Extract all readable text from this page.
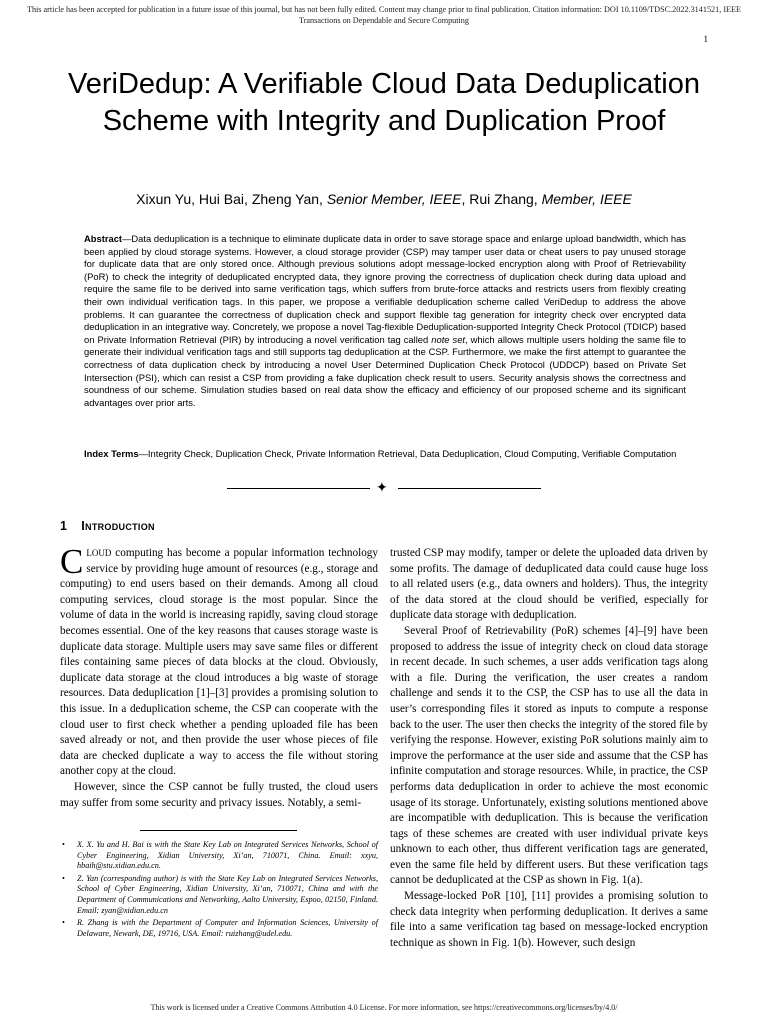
This article has been accepted for publication in a future issue of this journal, but has not been fully edited. Content may change prior to final publication. Citation information: DOI 10.1109/TDSC.2022.3141521, IEEE
Transactions on Dependable and Secure Computing
1
VeriDedup: A Verifiable Cloud Data Deduplication Scheme with Integrity and Duplication Proof
Xixun Yu, Hui Bai, Zheng Yan, Senior Member, IEEE, Rui Zhang, Member, IEEE
Abstract—Data deduplication is a technique to eliminate duplicate data in order to save storage space and enlarge upload bandwidth, which has been applied by cloud storage systems. However, a cloud storage provider (CSP) may tamper user data or cheat users to pay unused storage for duplicate data that are only stored once. Although previous solutions adopt message-locked encryption along with Proof of Retrievability (PoR) to check the integrity of deduplicated encrypted data, they ignore proving the correctness of duplication check during data upload and require the same file to be derived into same verification tags, which suffers from brute-force attacks and restricts users from flexibly creating their own individual verification tags. In this paper, we propose a verifiable deduplication scheme called VeriDedup to address the above problems. It can guarantee the correctness of duplication check and support flexible tag generation for integrity check over encrypted data deduplication in an integrative way. Concretely, we propose a novel Tag-flexible Deduplication-supported Integrity Check Protocol (TDICP) based on Private Information Retrieval (PIR) by introducing a novel verification tag called note set, which allows multiple users holding the same file to generate their individual verification tags and still supports tag deduplication at the CSP. Furthermore, we make the first attempt to guarantee the correctness of data duplication check by introducing a novel User Determined Duplication Check Protocol (UDDCP) based on Private Set Intersection (PSI), which can resist a CSP from providing a fake duplication check result to users. Security analysis shows the correctness and soundness of our scheme. Simulation studies based on real data show the efficacy and efficiency of our proposed scheme and its significant advantages over prior arts.
Index Terms—Integrity Check, Duplication Check, Private Information Retrieval, Data Deduplication, Cloud Computing, Verifiable Computation
✦
1 Introduction

CLOUD computing has become a popular information technology service by providing huge amount of resources (e.g., storage and computing) to end users based on their demands. Among all cloud computing services, cloud storage is the most popular. Since the volume of data in the world is increasing rapidly, saving cloud storage becomes essential. One of the key reasons that causes storage waste is duplicate data storage. Multiple users may save same files or different files containing same pieces of data blocks at the cloud. Obviously, duplicate data storage at the cloud introduces a big waste of storage resources. Data deduplication [1]–[3] provides a promising solution to this issue. In a deduplication scheme, the CSP can cooperate with the cloud user to first check whether a pending uploaded file has been saved already or not, and then provide the user whose pieces of file data are checked duplicate a way to access the file without storing another copy at the cloud.

However, since the CSP cannot be fully trusted, the cloud users may suffer from some security and privacy issues. Notably, a semi-

trusted CSP may modify, tamper or delete the uploaded data driven by some profits. The damage of deduplicated data could cause huge loss to all related users (e.g., data owners and holders). Thus, the integrity of the data stored at the cloud should be verified, especially for duplicate data storage with deduplication.

Several Proof of Retrievability (PoR) schemes [4]–[9] have been proposed to address the issue of integrity check on cloud data storage in recent decade. In such schemes, a user adds verification tags along with a file. During the verification, the user creates a random challenge and sends it to the CSP, the CSP has to use all the data in user’s corresponding files it stored as inputs to compute a response back to the user. The user then checks the integrity of the stored file by verifying the response. However, existing PoR solutions mainly aim to improve the performance at the user side and assume that the CSP has infinite computation and storage resources. While, in practice, the CSP performs data deduplication in order to achieve the most economic usage of its storage. Unfortunately, existing solutions mentioned above are incompatible with deduplication. This is because the verification tags of these schemes are created with user individual private keys unknown to each other, thus different verification tags are generated, even the same file held by different users. But these verification tags cannot be deduplicated at the CSP as shown in Fig. 1(a).

Message-locked PoR [10], [11] provides a promising solution to check data integrity when performing deduplication. It derives a same file into a same verification tag based on message-locked encryption technique as shown in Fig. 1(b). However, such design

• X. X. Yu and H. Bai is with the State Key Lab on Integrated Services Networks, School of Cyber Engineering, Xidian University, Xi’an, 710071, China. Email: xxyu, hbaih@stu.xidian.edu.cn.
• Z. Yan (corresponding author) is with the State Key Lab on Integrated Services Networks, School of Cyber Engineering, Xidian University, Xi’an, 710071, China and with the Department of Communications and Networking, Aalto University, Espoo, 02150, Finland. Email: zyan@xidian.edu.cn
• R. Zhang is with the Department of Computer and Information Sciences, University of Delaware, Newark, DE, 19716, USA. Email: ruizhang@udel.edu.
This work is licensed under a Creative Commons Attribution 4.0 License. For more information, see https://creativecommons.org/licenses/by/4.0/
